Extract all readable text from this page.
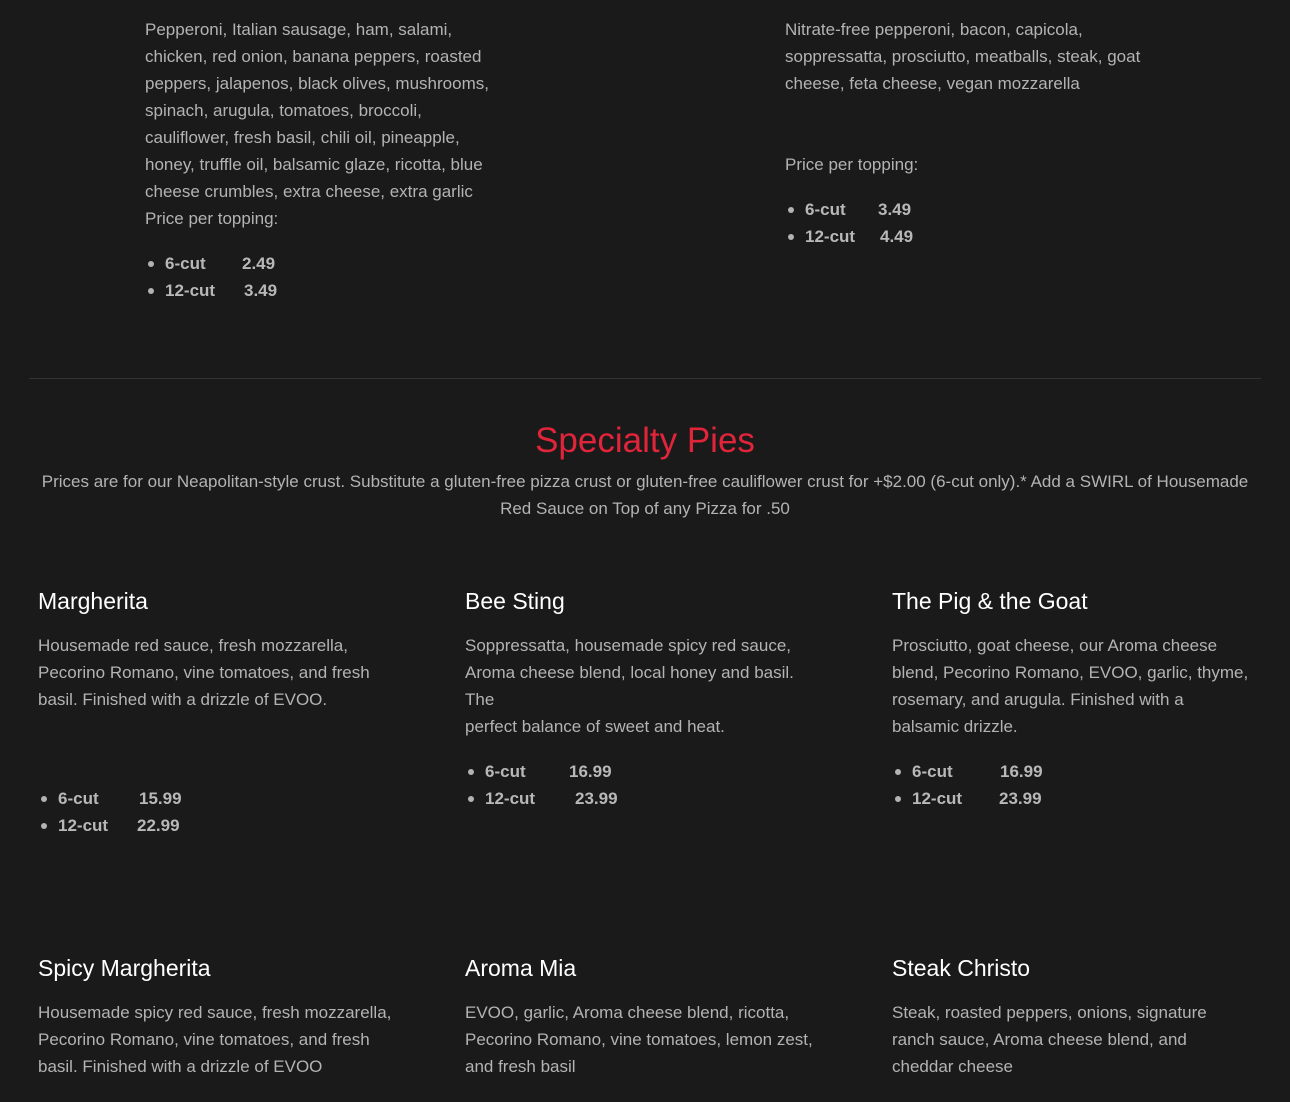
Pepperoni, Italian sausage, ham, salami,
chicken, red onion, banana peppers, roasted
peppers, jalapenos, black olives, mushrooms,
spinach, arugula, tomatoes, broccoli,
cauliflower, fresh basil, chili oil, pineapple,
honey, truffle oil, balsamic glaze, ricotta, blue
cheese crumbles, extra cheese, extra garlic

Price per topping:

6-cut 2.49
12-cut 3.49

Nitrate-free pepperoni, bacon, capicola,
soppressatta, prosciutto, meatballs, steak, goat
cheese, feta cheese, vegan mozzarella

Price per topping:

6-cut 3.49
12-cut 4.49
Specialty Pies

Prices are for our Neapolitan-style crust. Substitute a gluten-free pizza crust or gluten-free cauliflower crust for +$2.00 (6-cut only).* Add a SWIRL of Housemade Red Sauce on Top of any Pizza for .50

Margherita

Housemade red sauce, fresh mozzarella,
Pecorino Romano, vine tomatoes, and fresh
basil. Finished with a drizzle of EVOO.

6-cut 15.99
12-cut 22.99
Bee Sting

Soppressatta, housemade spicy red sauce,
Aroma cheese blend, local honey and basil. The
perfect balance of sweet and heat.

6-cut	16.99
12-cut 23.99
The Pig & the Goat

Prosciutto, goat cheese, our Aroma cheese
blend, Pecorino Romano, EVOO, garlic, thyme,
rosemary, and arugula. Finished with a
balsamic drizzle.

6-cut	16.99
12-cut 23.99
Spicy Margherita

Housemade spicy red sauce, fresh mozzarella,
Pecorino Romano, vine tomatoes, and fresh
basil. Finished with a drizzle of EVOO

Aroma Mia

EVOO, garlic, Aroma cheese blend, ricotta,
Pecorino Romano, vine tomatoes, lemon zest,
and fresh basil

Steak Christo

Steak, roasted peppers, onions, signature
ranch sauce, Aroma cheese blend, and
cheddar cheese
